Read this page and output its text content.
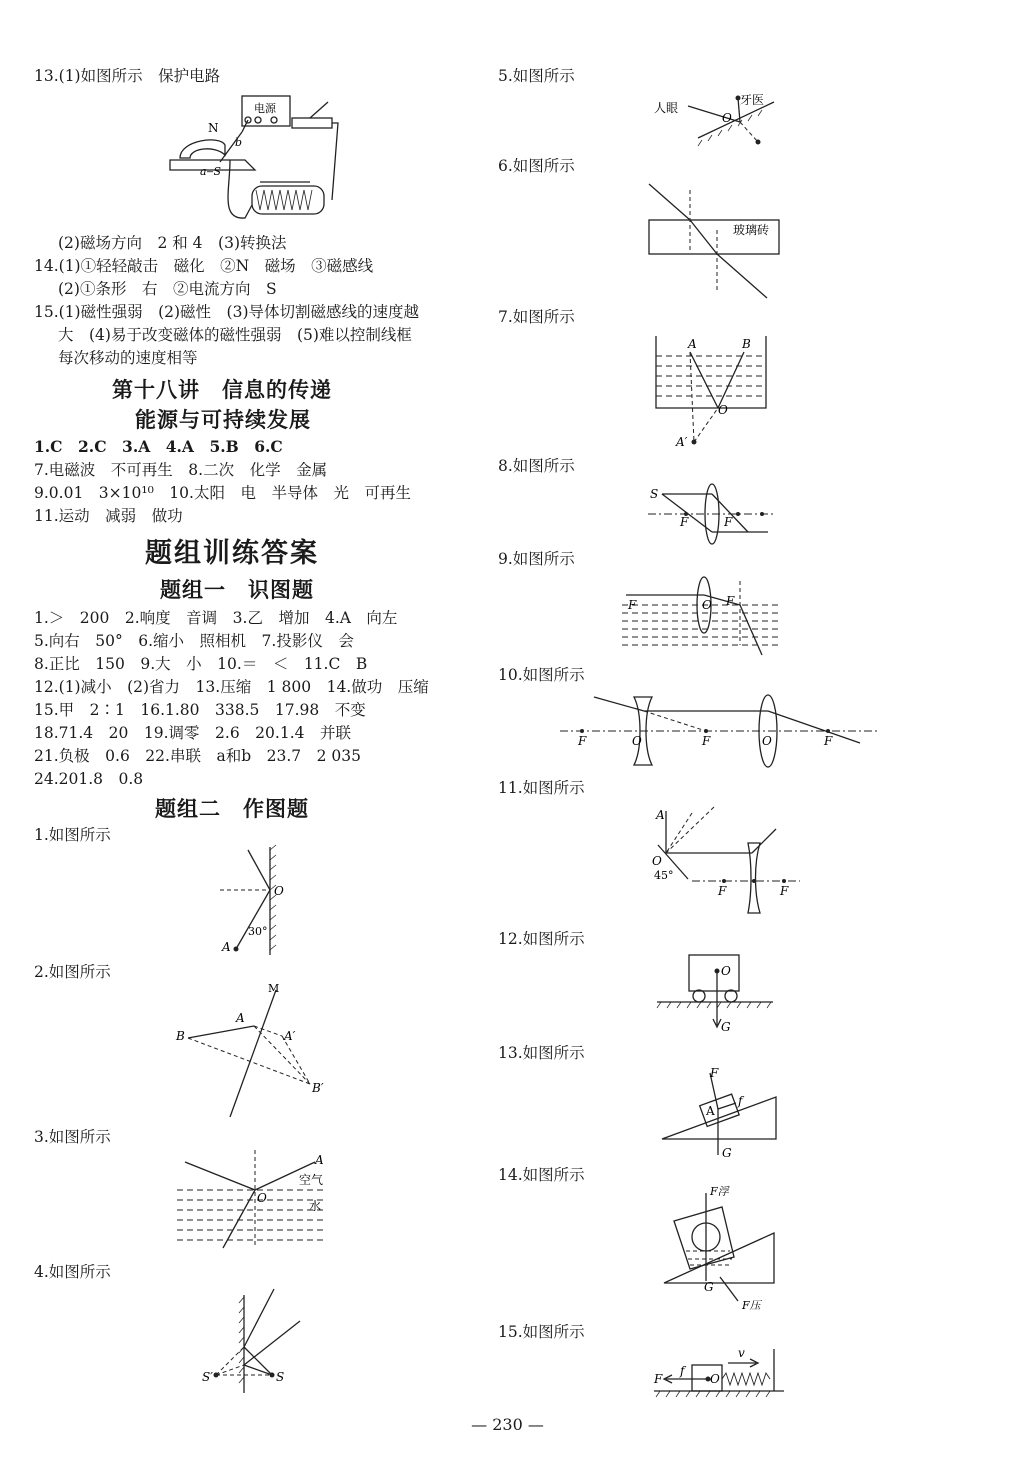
13.(1)如图所示　保护电路
电源
N
b
a‒S
(2)磁场方向　2 和 4　(3)转换法
14.(1)①轻轻敲击　磁化　②N　磁场　③磁感线
(2)①条形　右　②电流方向　S
15.(1)磁性强弱　(2)磁性　(3)导体切割磁感线的速度越
大　(4)易于改变磁体的磁性强弱　(5)难以控制线框
每次移动的速度相等
第十八讲　信息的传递
能源与可持续发展
1.C　2.C　3.A　4.A　5.B　6.C
7.电磁波　不可再生　8.二次　化学　金属
9.0.01　3×10¹⁰　10.太阳　电　半导体　光　可再生
11.运动　减弱　做功
题组训练答案
题组一　识图题
1.＞　200　2.响度　音调　3.乙　增加　4.A　向左
5.向右　50°　6.缩小　照相机　7.投影仪　会
8.正比　150　9.大　小　10.＝　＜　11.C　B
12.(1)减小　(2)省力　13.压缩　1 800　14.做功　压缩
15.甲　2∶1　16.1.80　338.5　17.98　不变
18.71.4　20　19.调零　2.6　20.1.4　并联
21.负极　0.6　22.串联　a和b　23.7　2 035
24.201.8　0.8
题组二　作图题
1.如图所示
O
A
30°
2.如图所示
M
B
A
A′
B′
3.如图所示
A
O
空气
水
4.如图所示
S′	S
5.如图所示
人眼
牙医
O
6.如图所示
玻璃砖
7.如图所示
A	B
O
A′
8.如图所示
S
F	F
9.如图所示
F	O F
10.如图所示
F	O	F	O	F
11.如图所示
A
O
45°
F	F
12.如图所示
O
G
13.如图所示
A
F
f
G
14.如图所示
F浮
G
F压
15.如图所示
v
F
f
O
— 230 —
